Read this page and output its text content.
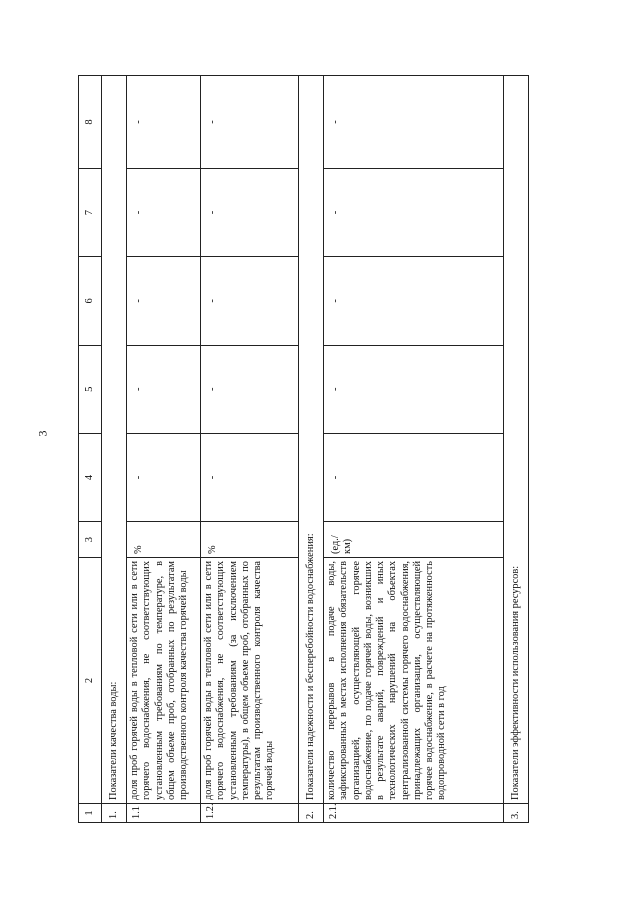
3
1	2	3	4	5	6	7	8
1.	Показатели качества воды:						
1.1	доля проб горячей воды в тепловой сети или в сети горячего водоснабжения, не соответствующих установленным требованиям по температуре, в общем объеме проб, отобранных по результатам производственного контроля качества горячей воды	%	-	-	-	-	-
1.2.	доля проб горячей воды в тепловой сети или в сети горячего водоснабжения, не соответствующих установленным требованиям (за исключением температуры), в общем объеме проб, отобранных по результатам производственного контроля качества горячей воды	%	-	-	-	-	-
2.	Показатели надежности и бесперебойности водоснабжения:						
2.1.	количество перерывов в подаче воды, зафиксированных в местах исполнения обязательств организацией, осуществляющей горячее водоснабжение, по подаче горячей воды, возникших в результате аварий, повреждений и иных технологических нарушений на объектах централизованной системы горячего водоснабжения, принадлежащих организации, осуществляющей горячее водоснабжение, в расчете на протяженность водопроводной сети в год	(ед./км)	-	-	-	-	-
3.	Показатели эффективности использования ресурсов:						
